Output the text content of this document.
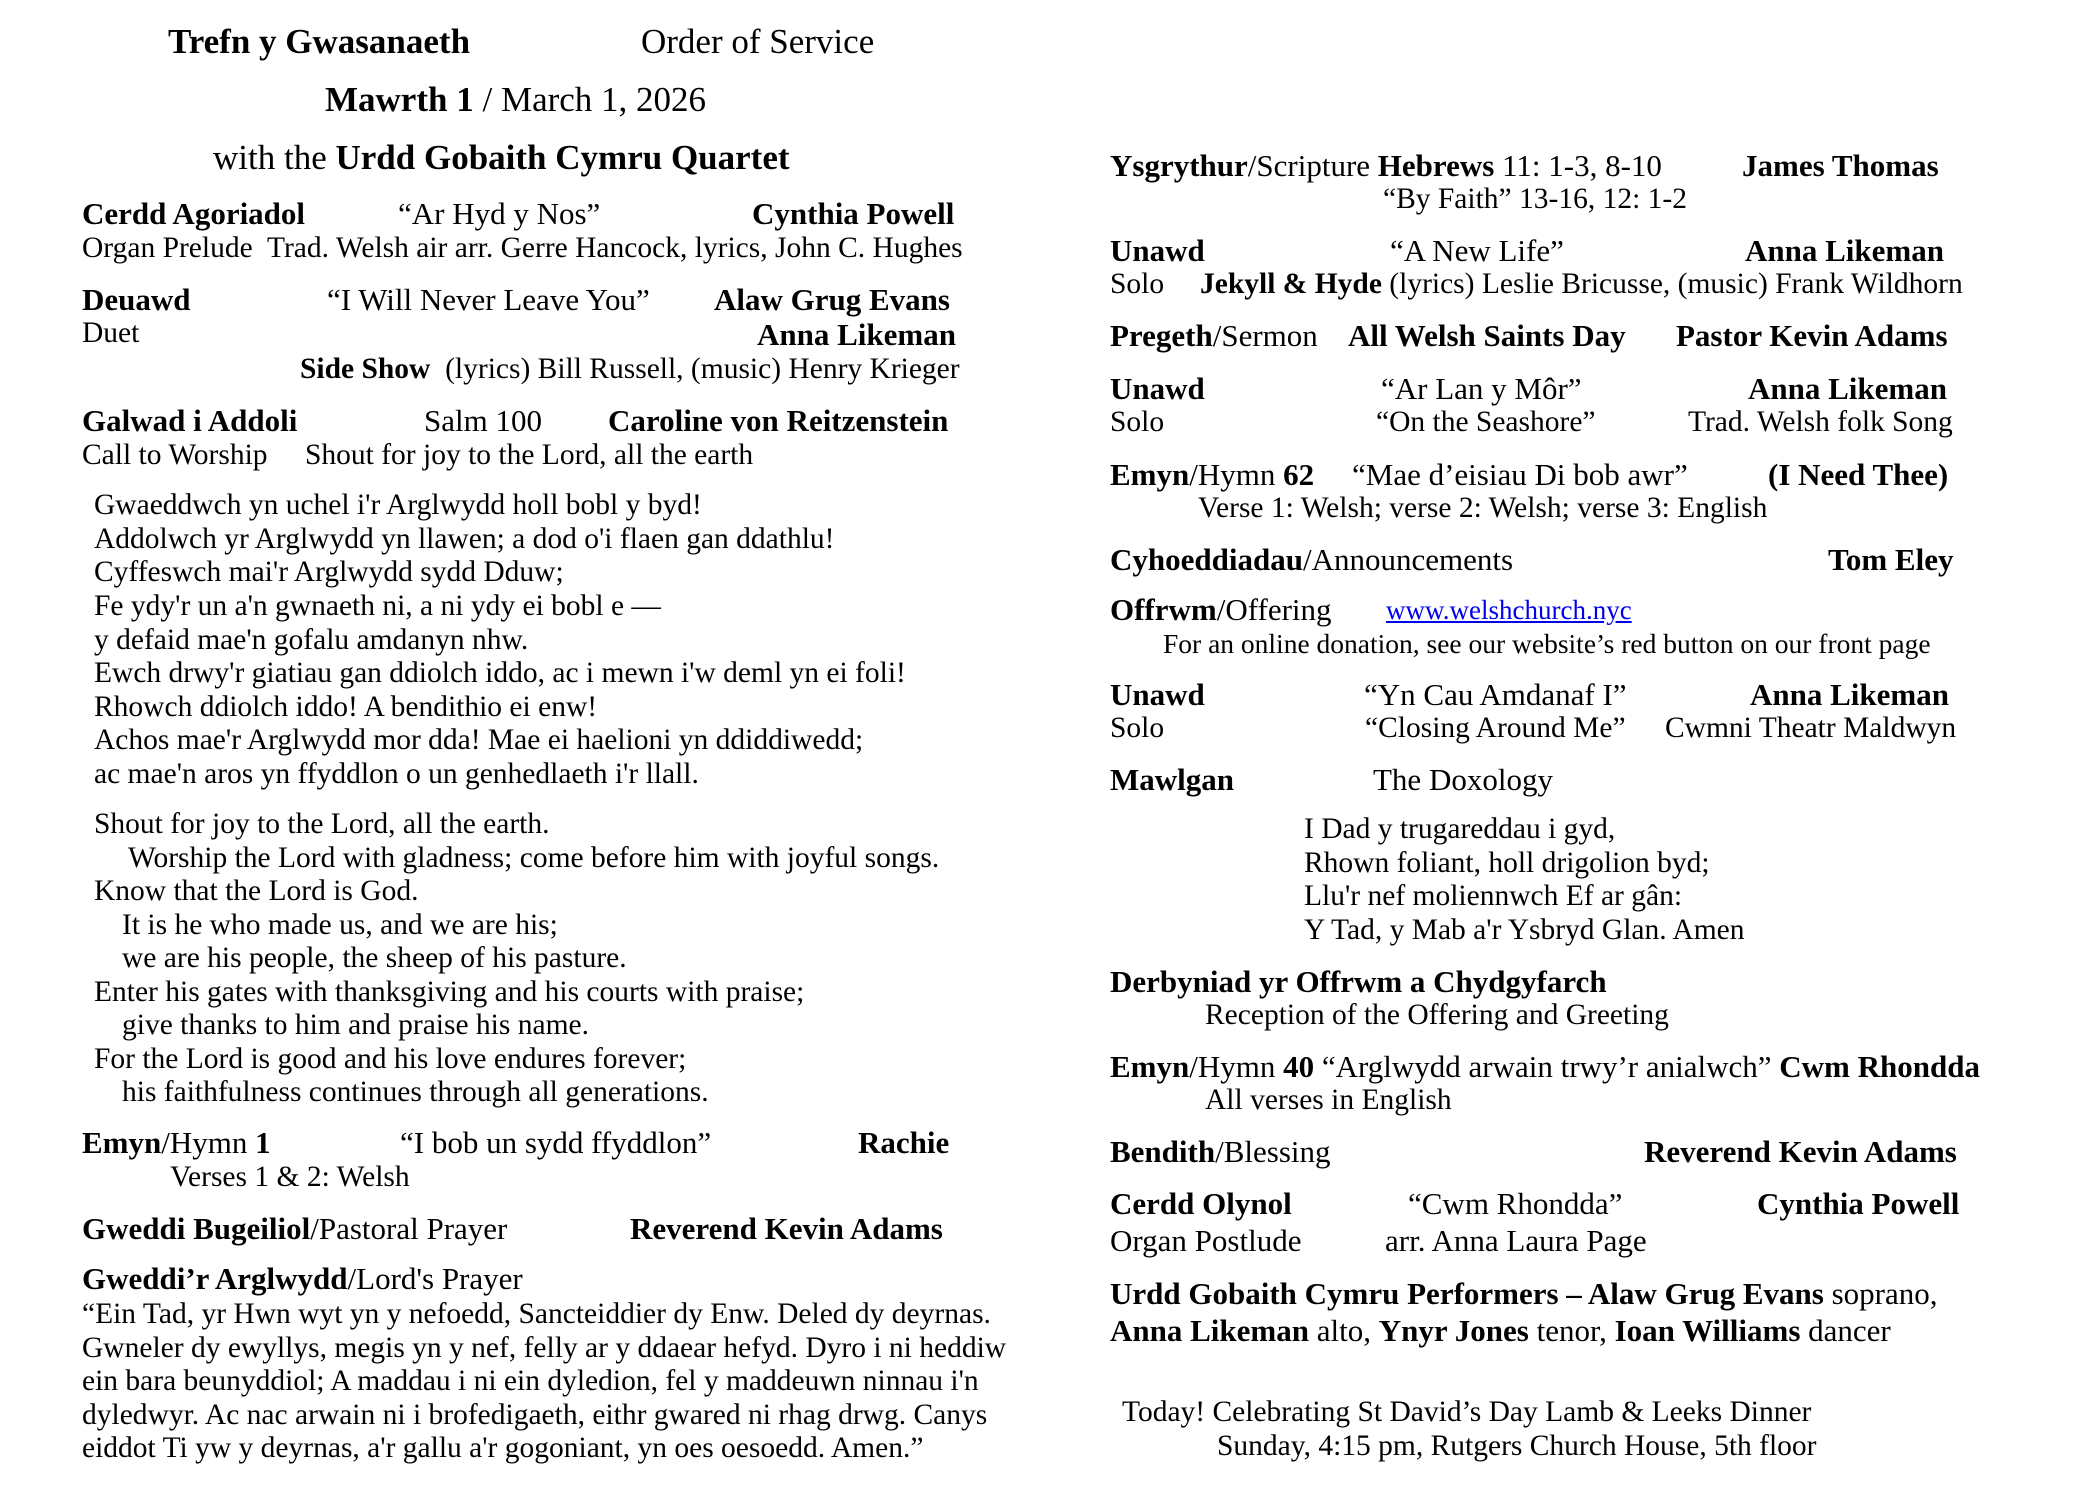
Trefn y Gwasanaeth	Order of Service
Mawrth 1 / March 1, 2026
with the Urdd Gobaith Cymru Quartet
Cerdd Agoriadol	“Ar Hyd y Nos”	Cynthia Powell
Organ Prelude Trad. Welsh air arr. Gerre Hancock, lyrics, John C. Hughes
Deuawd	“I Will Never Leave You” Alaw Grug Evans
Duet	Anna Likeman
Side Show (lyrics) Bill Russell, (music) Henry Krieger
Galwad i Addoli	Salm 100 Caroline von Reitzenstein
Call to Worship Shout for joy to the Lord, all the earth
Gwaeddwch yn uchel i'r Arglwydd holl bobl y byd!
Addolwch yr Arglwydd yn llawen; a dod o'i flaen gan ddathlu!
Cyffeswch mai'r Arglwydd sydd Dduw;
Fe ydy'r un a'n gwnaeth ni, a ni ydy ei bobl e —
y defaid mae'n gofalu amdanyn nhw.
Ewch drwy'r giatiau gan ddiolch iddo, ac i mewn i'w deml yn ei foli!
Rhowch ddiolch iddo! A bendithio ei enw!
Achos mae'r Arglwydd mor dda! Mae ei haelioni yn ddiddiwedd;
ac mae'n aros yn ffyddlon o un genhedlaeth i'r llall.
Shout for joy to the Lord, all the earth.
Worship the Lord with gladness; come before him with joyful songs.
Know that the Lord is God.
It is he who made us, and we are his;
we are his people, the sheep of his pasture.
Enter his gates with thanksgiving and his courts with praise;
give thanks to him and praise his name.
For the Lord is good and his love endures forever;
his faithfulness continues through all generations.
Emyn/Hymn 1	“I bob un sydd ffyddlon”	Rachie
Verses 1 & 2: Welsh
Gweddi Bugeiliol/Pastoral Prayer	Reverend Kevin Adams
Gweddi’r Arglwydd/Lord's Prayer
“Ein Tad, yr Hwn wyt yn y nefoedd, Sancteiddier dy Enw. Deled dy deyrnas.
Gwneler dy ewyllys, megis yn y nef, felly ar y ddaear hefyd. Dyro i ni heddiw
ein bara beunyddiol; A maddau i ni ein dyledion, fel y maddeuwn ninnau i'n
dyledwyr. Ac nac arwain ni i brofedigaeth, eithr gwared ni rhag drwg. Canys
eiddot Ti yw y deyrnas, a'r gallu a'r gogoniant, yn oes oesoedd. Amen.”
Ysgrythur/Scripture Hebrews 11: 1-3, 8-10	James Thomas
“By Faith” 13-16, 12: 1-2
Unawd	“A New Life”	Anna Likeman
Solo Jekyll & Hyde (lyrics) Leslie Bricusse, (music) Frank Wildhorn
Pregeth/Sermon All Welsh Saints Day Pastor Kevin Adams
Unawd	“Ar Lan y Môr”	Anna Likeman
Solo	“On the Seashore”	Trad. Welsh folk Song
Emyn/Hymn 62 “Mae d’eisiau Di bob awr”	(I Need Thee)
Verse 1: Welsh; verse 2: Welsh; verse 3: English
Cyhoeddiadau/Announcements	Tom Eley
Offrwm/Offering www.welshchurch.nyc
For an online donation, see our website’s red button on our front page
Unawd	“Yn Cau Amdanaf I”	Anna Likeman
Solo	“Closing Around Me” Cwmni Theatr Maldwyn
Mawlgan	The Doxology
I Dad y trugareddau i gyd,
Rhown foliant, holl drigolion byd;
Llu'r nef moliennwch Ef ar gân:
Y Tad, y Mab a'r Ysbryd Glan. Amen
Derbyniad yr Offrwm a Chydgyfarch
Reception of the Offering and Greeting
Emyn/Hymn 40 “Arglwydd arwain trwy’r anialwch” Cwm Rhondda
All verses in English
Bendith/Blessing	Reverend Kevin Adams
Cerdd Olynol	“Cwm Rhondda”	Cynthia Powell
Organ Postlude	arr. Anna Laura Page
Urdd Gobaith Cymru Performers – Alaw Grug Evans soprano,
Anna Likeman alto, Ynyr Jones tenor, Ioan Williams dancer
Today! Celebrating St David’s Day Lamb & Leeks Dinner
Sunday, 4:15 pm, Rutgers Church House, 5th floor
